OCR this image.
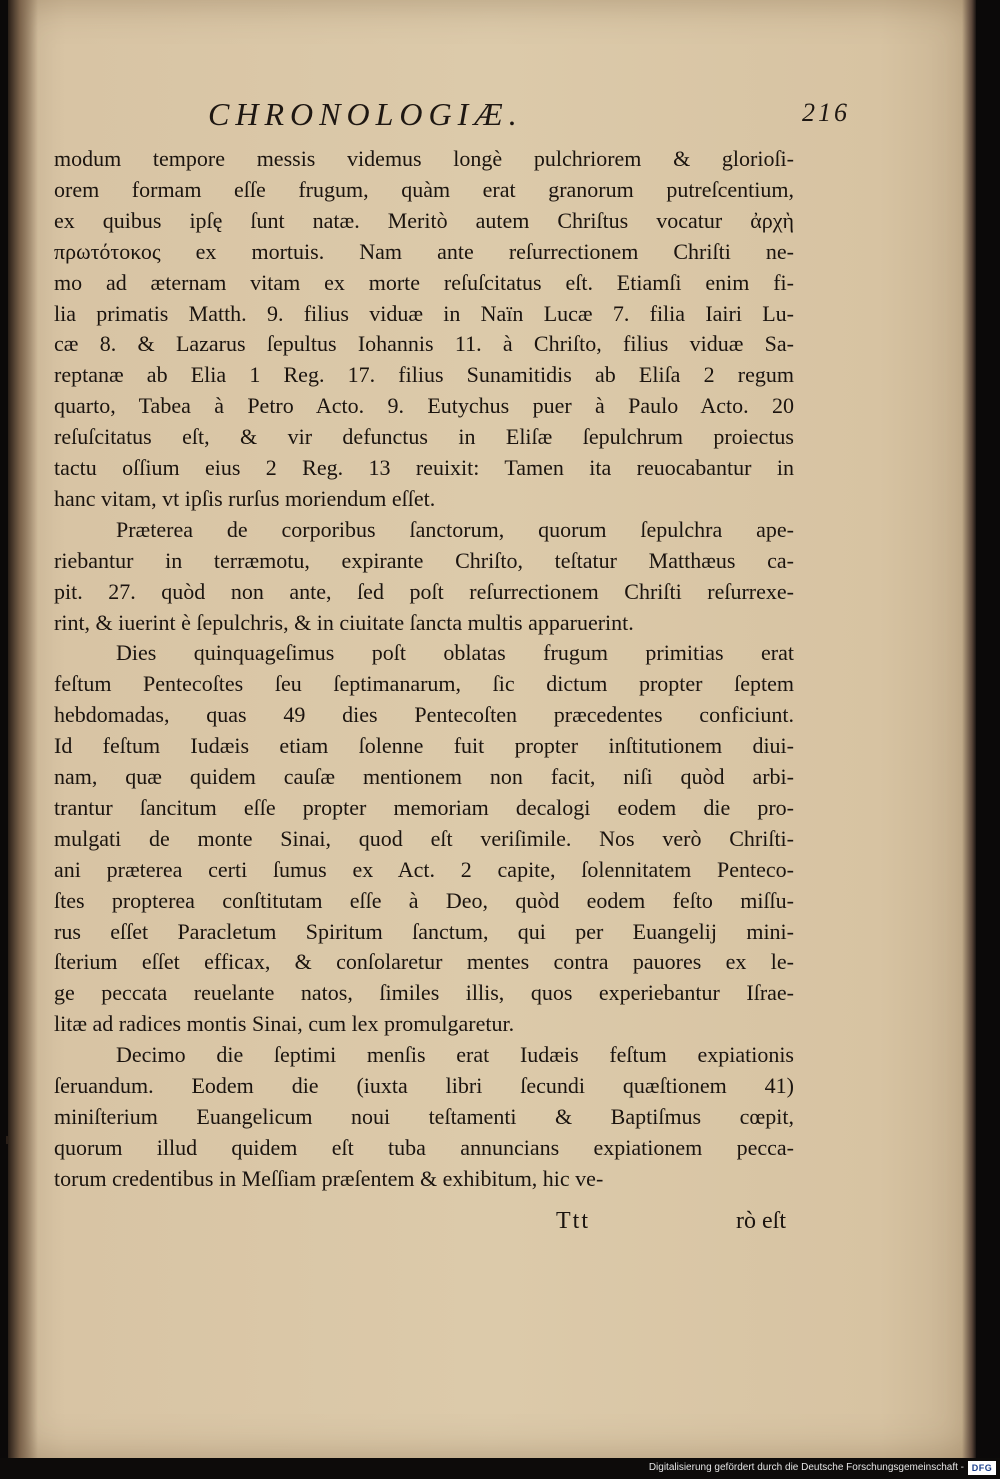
CHRONOLOGIÆ.	216
modum tempore messis videmus longè pulchriorem & glorioſi-
orem formam eſſe frugum, quàm erat granorum putreſcentium,
ex quibus ipſę ſunt natæ. Meritò autem Chriſtus vocatur ἀρχὴ
πρωτότοκος ex mortuis. Nam ante reſurrectionem Chriſti ne-
mo ad æternam vitam ex morte reſuſcitatus eſt. Etiamſi enim fi-
lia primatis Matth. 9. filius viduæ in Naïn Lucæ 7. filia Iairi Lu-
cæ 8. & Lazarus ſepultus Iohannis 11. à Chriſto, filius viduæ Sa-
reptanæ ab Elia 1 Reg. 17. filius Sunamitidis ab Eliſa 2 regum
quarto, Tabea à Petro Acto. 9. Eutychus puer à Paulo Acto. 20
reſuſcitatus eſt, & vir defunctus in Eliſæ ſepulchrum proiectus
tactu oſſium eius 2 Reg. 13 reuixit: Tamen ita reuocabantur in
hanc vitam, vt ipſis rurſus moriendum eſſet.
Præterea de corporibus ſanctorum, quorum ſepulchra ape-
riebantur in terræmotu, expirante Chriſto, teſtatur Matthæus ca-
pit. 27. quòd non ante, ſed poſt reſurrectionem Chriſti reſurrexe-
rint, & iuerint è ſepulchris, & in ciuitate ſancta multis apparuerint.
Dies quinquageſimus poſt oblatas frugum primitias erat
feſtum Pentecoſtes ſeu ſeptimanarum, ſic dictum propter ſeptem
hebdomadas, quas 49 dies Pentecoſten præcedentes conficiunt.
Id feſtum Iudæis etiam ſolenne fuit propter inſtitutionem diui-
nam, quæ quidem cauſæ mentionem non facit, niſi quòd arbi-
trantur ſancitum eſſe propter memoriam decalogi eodem die pro-
mulgati de monte Sinai, quod eſt veriſimile. Nos verò Chriſti-
ani præterea certi ſumus ex Act. 2 capite, ſolennitatem Penteco-
ſtes propterea conſtitutam eſſe à Deo, quòd eodem feſto miſſu-
rus eſſet Paracletum Spiritum ſanctum, qui per Euangelij mini-
ſterium eſſet efficax, & conſolaretur mentes contra pauores ex le-
ge peccata reuelante natos, ſimiles illis, quos experiebantur Iſrae-
litæ ad radices montis Sinai, cum lex promulgaretur.
Decimo die ſeptimi menſis erat Iudæis feſtum expiationis
ſeruandum. Eodem die (iuxta libri ſecundi quæſtionem 41)
miniſterium Euangelicum noui teſtamenti & Baptiſmus cœpit,
quorum illud quidem eſt tuba annuncians expiationem pecca-
torum credentibus in Meſſiam præſentem & exhibitum, hic ve-
Ttt	rò eſt
Digitalisierung gefördert durch die Deutsche Forschungsgemeinschaft - DFG
